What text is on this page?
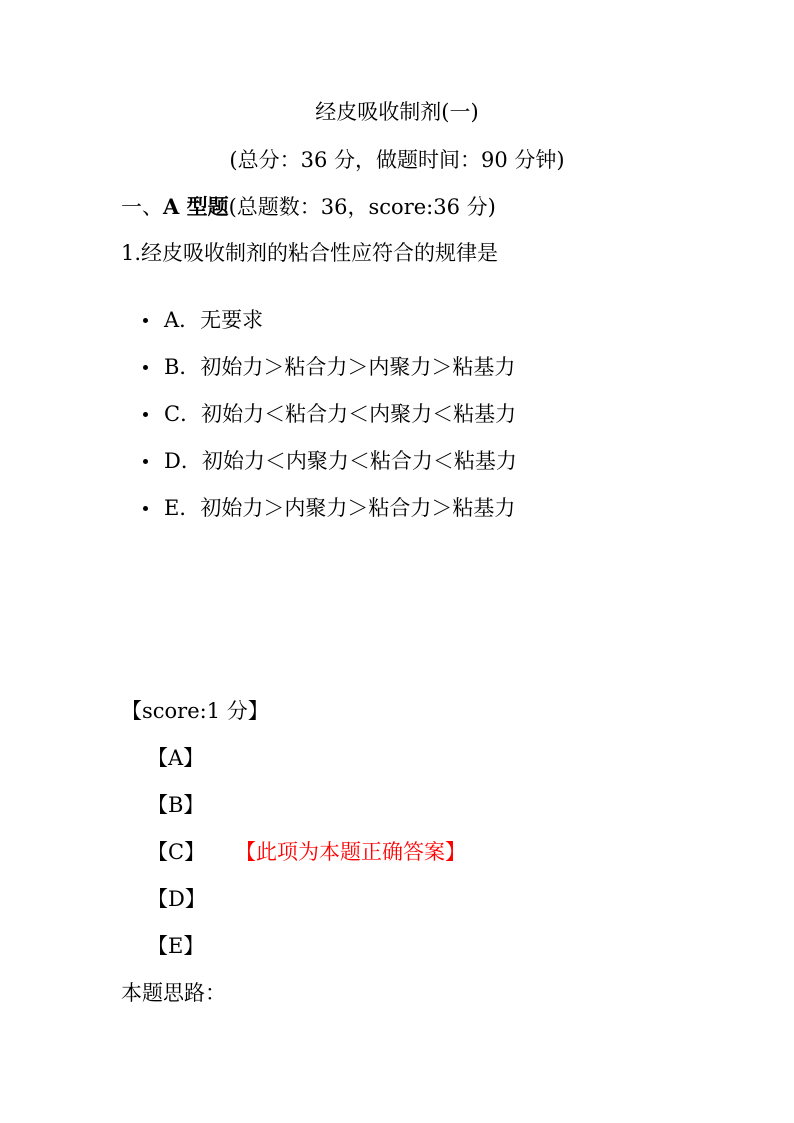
经皮吸收制剂(一)
(总分：36 分，做题时间：90 分钟)
一、A 型题(总题数：36，score:36 分)
1.经皮吸收制剂的粘合性应符合的规律是
A．无要求
B．初始力＞粘合力＞内聚力＞粘基力
C．初始力＜粘合力＜内聚力＜粘基力
D．初始力＜内聚力＜粘合力＜粘基力
E．初始力＞内聚力＞粘合力＞粘基力
【score:1 分】
【A】
【B】
【C】 【此项为本题正确答案】
【D】
【E】
本题思路：
